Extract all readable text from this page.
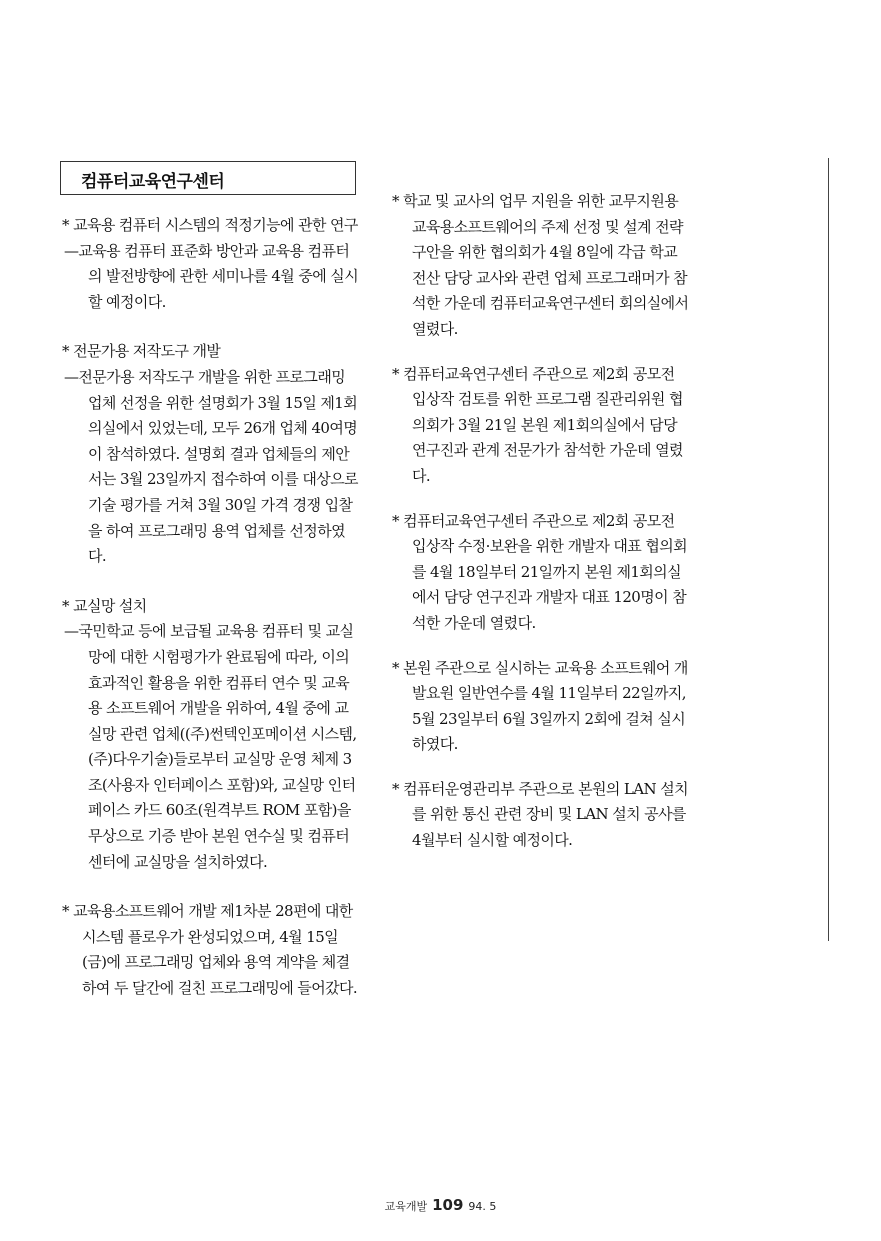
컴퓨터교육연구센터
* 교육용 컴퓨터 시스템의 적정기능에 관한 연구
—교육용 컴퓨터 표준화 방안과 교육용 컴퓨터의 발전방향에 관한 세미나를 4월 중에 실시할 예정이다.
* 전문가용 저작도구 개발
—전문가용 저작도구 개발을 위한 프로그래밍 업체 선정을 위한 설명회가 3월 15일 제1회의실에서 있었는데, 모두 26개 업체 40여명이 참석하였다. 설명회 결과 업체들의 제안서는 3월 23일까지 접수하여 이를 대상으로 기술 평가를 거쳐 3월 30일 가격 경쟁 입찰을 하여 프로그래밍 용역 업체를 선정하였다.
* 교실망 설치
—국민학교 등에 보급될 교육용 컴퓨터 및 교실망에 대한 시험평가가 완료됨에 따라, 이의 효과적인 활용을 위한 컴퓨터 연수 및 교육용 소프트웨어 개발을 위하여, 4월 중에 교실망 관련 업체((주)썬텍인포메이션 시스템, (주)다우기술)들로부터 교실망 운영 체제 3조(사용자 인터페이스 포함)와, 교실망 인터페이스 카드 60조(원격부트 ROM 포함)을 무상으로 기증 받아 본원 연수실 및 컴퓨터 센터에 교실망을 설치하였다.
* 교육용소프트웨어 개발 제1차분 28편에 대한 시스템 플로우가 완성되었으며, 4월 15일(금)에 프로그래밍 업체와 용역 계약을 체결하여 두 달간에 걸친 프로그래밍에 들어갔다.
* 학교 및 교사의 업무 지원을 위한 교무지원용 교육용소프트웨어의 주제 선정 및 설계 전략 구안을 위한 협의회가 4월 8일에 각급 학교 전산 담당 교사와 관련 업체 프로그래머가 참석한 가운데 컴퓨터교육연구센터 회의실에서 열렸다.
* 컴퓨터교육연구센터 주관으로 제2회 공모전 입상작 검토를 위한 프로그램 질관리위원 협의회가 3월 21일 본원 제1회의실에서 담당 연구진과 관계 전문가가 참석한 가운데 열렸다.
* 컴퓨터교육연구센터 주관으로 제2회 공모전 입상작 수정·보완을 위한 개발자 대표 협의회를 4월 18일부터 21일까지 본원 제1회의실에서 담당 연구진과 개발자 대표 120명이 참석한 가운데 열렸다.
* 본원 주관으로 실시하는 교육용 소프트웨어 개발요원 일반연수를 4월 11일부터 22일까지, 5월 23일부터 6월 3일까지 2회에 걸쳐 실시하였다.
* 컴퓨터운영관리부 주관으로 본원의 LAN 설치를 위한 통신 관련 장비 및 LAN 설치 공사를 4월부터 실시할 예정이다.
교육개발 109 94. 5
